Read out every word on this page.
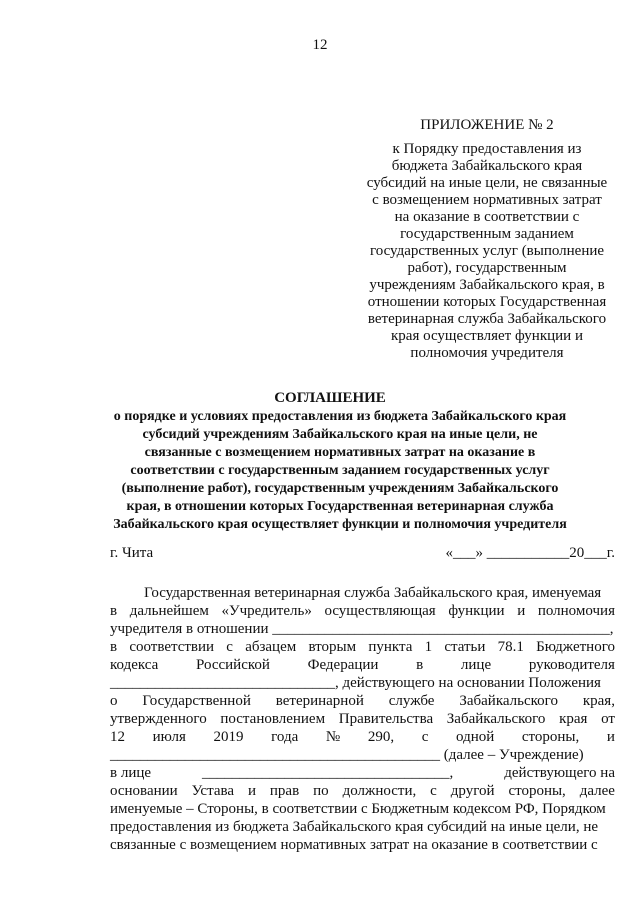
12
ПРИЛОЖЕНИЕ № 2
к Порядку предоставления из
бюджета Забайкальского края
субсидий на иные цели, не связанные
с возмещением нормативных затрат
на оказание в соответствии с
государственным заданием
государственных услуг (выполнение
работ), государственным
учреждениям Забайкальского края, в
отношении которых Государственная
ветеринарная служба Забайкальского
края осуществляет функции и
полномочия учредителя
СОГЛАШЕНИЕ
о порядке и условиях предоставления из бюджета Забайкальского края
субсидий учреждениям Забайкальского края на иные цели, не
связанные с возмещением нормативных затрат на оказание в
соответствии с государственным заданием государственных услуг
(выполнение работ), государственным учреждениям Забайкальского
края, в отношении которых Государственная ветеринарная служба
Забайкальского края осуществляет функции и полномочия учредителя
г. Чита	«___» ___________20___г.
Государственная ветеринарная служба Забайкальского края, именуемая
в дальнейшем «Учредитель» осуществляющая функции и полномочия
учредителя в отношении _____________________________________________,
в соответствии с абзацем вторым пункта 1 статьи 78.1 Бюджетного
кодекса	Российской	Федерации	в	лице	руководителя
______________________________, действующего на основании Положения
о Государственной ветеринарной службе Забайкальского края,
утвержденного постановлением Правительства Забайкальского края от
12 июля 2019 года № 290, с одной стороны, и
____________________________________________ (далее – Учреждение)
в лице	_________________________________,	действующего на
основании Устава и прав по должности, с другой стороны, далее
именуемые – Стороны, в соответствии с Бюджетным кодексом РФ, Порядком
предоставления из бюджета Забайкальского края субсидий на иные цели, не
связанные с возмещением нормативных затрат на оказание в соответствии с
